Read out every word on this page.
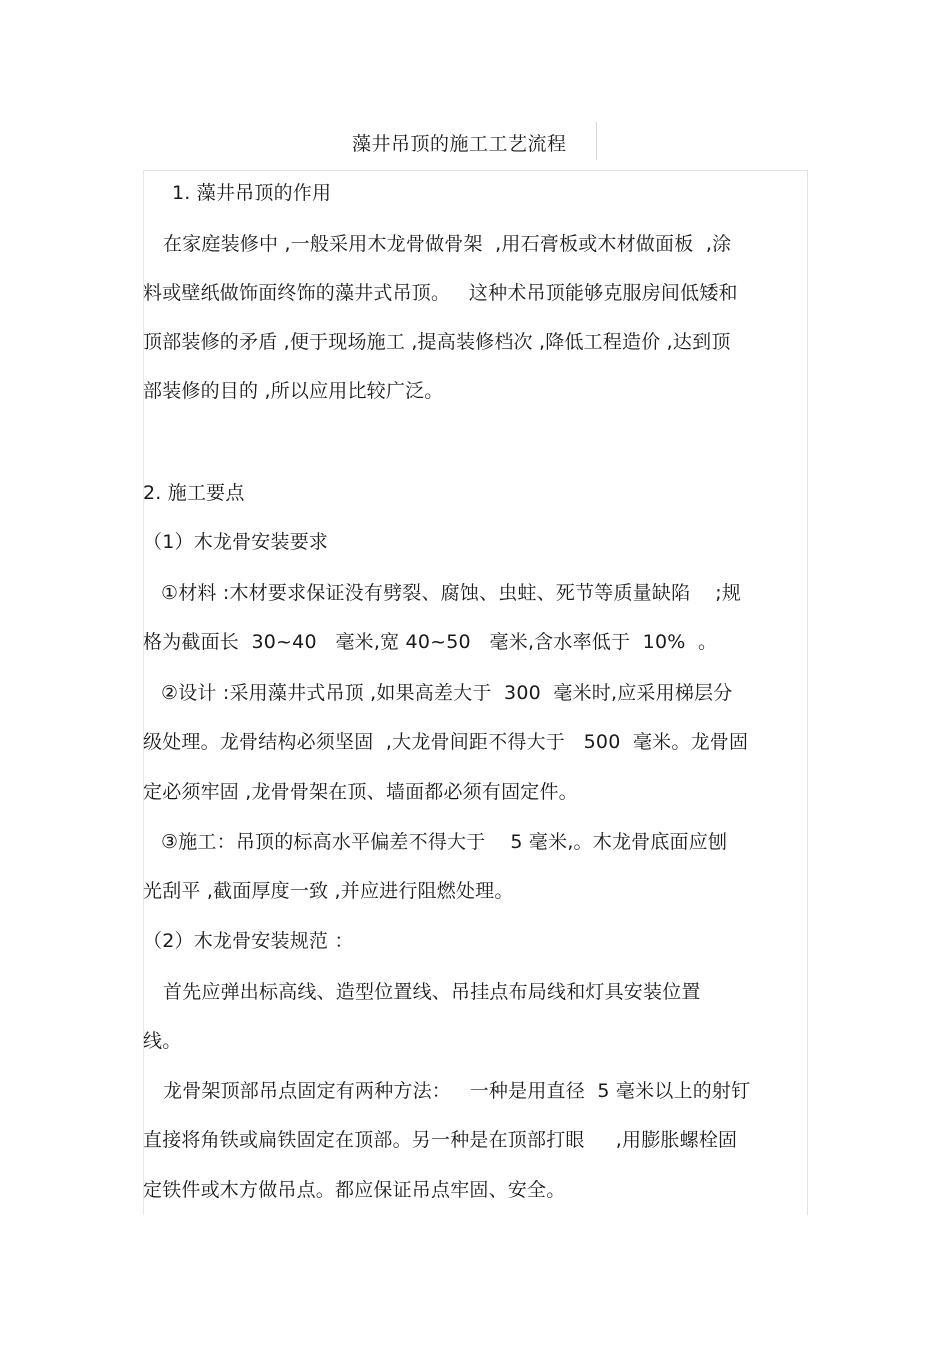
藻井吊顶的施工工艺流程
1. 藻井吊顶的作用
在家庭装修中 ,一般采用木龙骨做骨架  ,用石膏板或木材做面板  ,涂
料或壁纸做饰面终饰的藻井式吊顶。   这种术吊顶能够克服房间低矮和
顶部装修的矛盾 ,便于现场施工 ,提高装修档次 ,降低工程造价 ,达到顶
部装修的目的 ,所以应用比较广泛。
2. 施工要点
（1）木龙骨安装要求
①材料 :木材要求保证没有劈裂、腐蚀、虫蛀、死节等质量缺陷    ;规
格为截面长  30~40   毫米,宽 40~50   毫米,含水率低于  10%  。
②设计 :采用藻井式吊顶 ,如果高差大于  300  毫米时,应采用梯层分
级处理。龙骨结构必须坚固  ,大龙骨间距不得大于   500  毫米。龙骨固
定必须牢固 ,龙骨骨架在顶、墙面都必须有固定件。
③施工：吊顶的标高水平偏差不得大于    5 毫米,。木龙骨底面应刨
光刮平 ,截面厚度一致 ,并应进行阻燃处理。
（2）木龙骨安装规范 ：
首先应弹出标高线、造型位置线、吊挂点布局线和灯具安装位置
线。
龙骨架顶部吊点固定有两种方法：   一种是用直径  5 毫米以上的射钉
直接将角铁或扁铁固定在顶部。另一种是在顶部打眼     ,用膨胀螺栓固
定铁件或木方做吊点。都应保证吊点牢固、安全。
